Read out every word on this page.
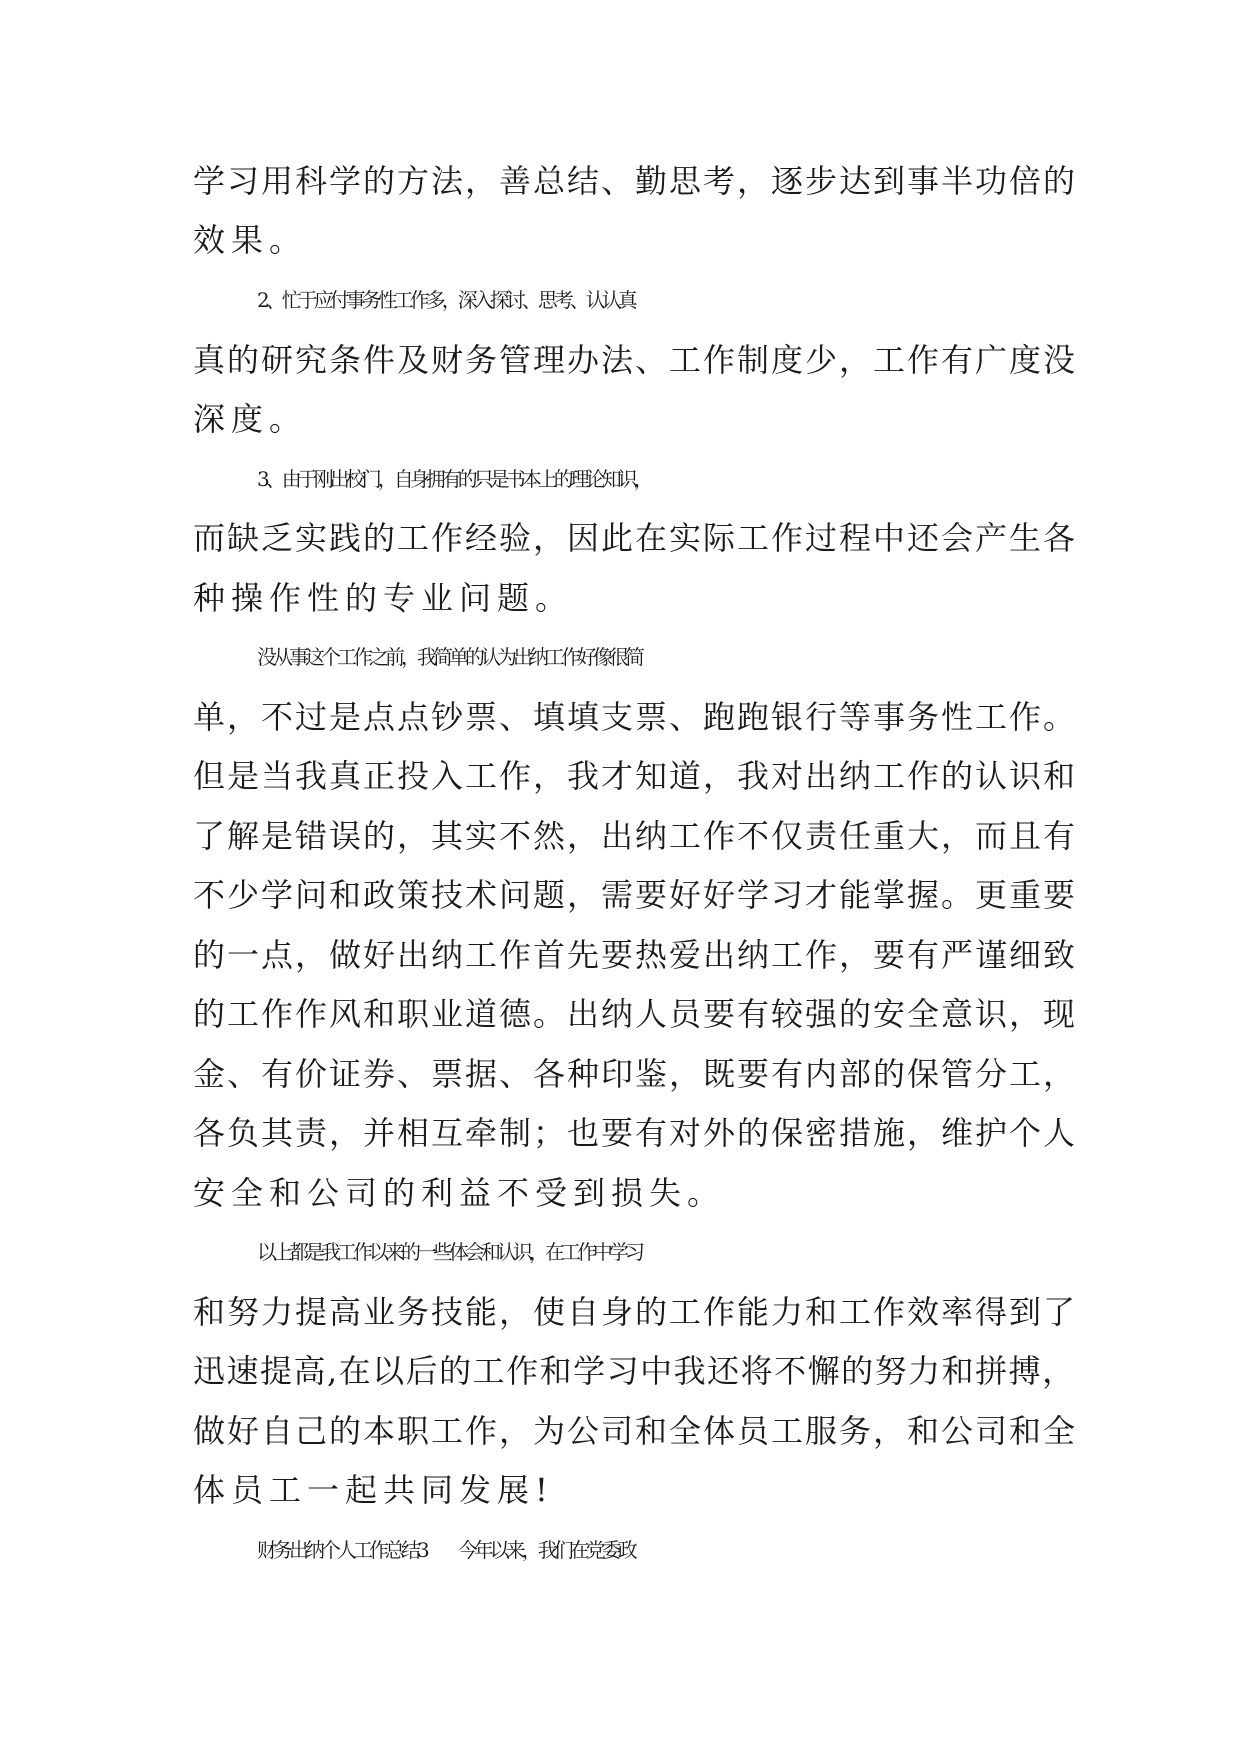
学习用科学的方法，善总结、勤思考，逐步达到事半功倍的

效果。

2、忙于应付事务性工作多，深入探讨、思考、认认真

真的研究条件及财务管理办法、工作制度少，工作有广度没

深度。

3、由于刚出校门，自身拥有的只是书本上的理论知识，

而缺乏实践的工作经验，因此在实际工作过程中还会产生各

种操作性的专业问题。

没从事这个工作之前，我简单的认为出纳工作好像很简

单，不过是点点钞票、填填支票、跑跑银行等事务性工作。

但是当我真正投入工作，我才知道，我对出纳工作的认识和

了解是错误的，其实不然，出纳工作不仅责任重大，而且有

不少学问和政策技术问题，需要好好学习才能掌握。更重要

的一点，做好出纳工作首先要热爱出纳工作，要有严谨细致

的工作作风和职业道德。出纳人员要有较强的安全意识，现

金、有价证券、票据、各种印鉴，既要有内部的保管分工，

各负其责，并相互牵制；也要有对外的保密措施，维护个人

安全和公司的利益不受到损失。

以上都是我工作以来的一些体会和认识，在工作中学习

和努力提高业务技能，使自身的工作能力和工作效率得到了

迅速提高,在以后的工作和学习中我还将不懈的努力和拼搏，

做好自己的本职工作，为公司和全体员工服务，和公司和全

体员工一起共同发展!

财务出纳个人工作总结3　　今年以来，我们在党委政
